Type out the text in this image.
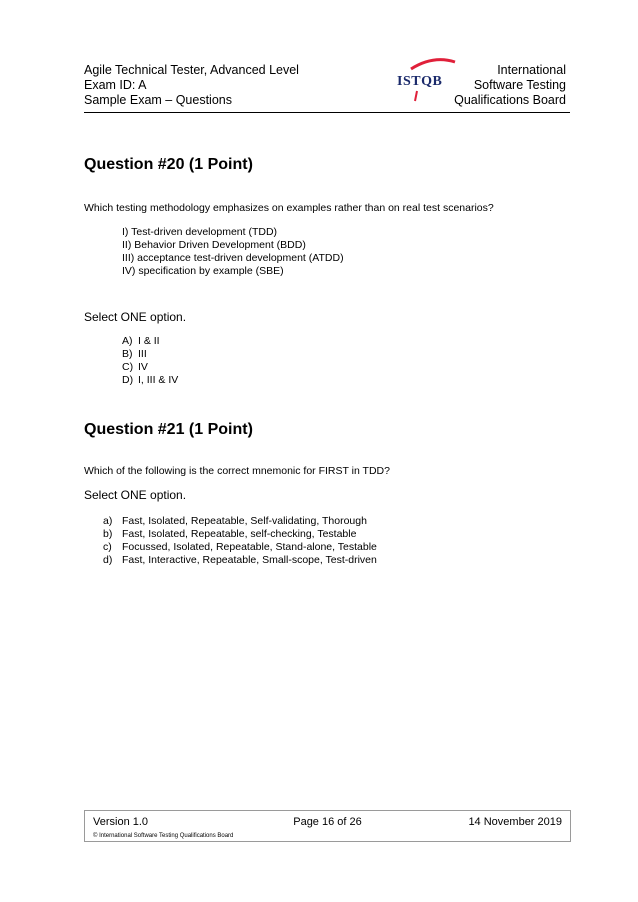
Agile Technical Tester, Advanced Level
Exam ID: A
Sample Exam – Questions
ISTQB
International
Software Testing
Qualifications Board
Question #20 (1 Point)
Which testing methodology emphasizes on examples rather than on real test scenarios?
I) Test-driven development (TDD)
II) Behavior Driven Development (BDD)
III) acceptance test-driven development (ATDD)
IV) specification by example (SBE)
Select ONE option.
A) I & II
B) III
C) IV
D) I, III & IV
Question #21 (1 Point)
Which of the following is the correct mnemonic for FIRST in TDD?
Select ONE option.
a) Fast, Isolated, Repeatable, Self-validating, Thorough
b) Fast, Isolated, Repeatable, self-checking, Testable
c) Focussed, Isolated, Repeatable, Stand-alone, Testable
d) Fast, Interactive, Repeatable, Small-scope, Test-driven
Version 1.0	Page 16 of 26	14 November 2019
© International Software Testing Qualifications Board
